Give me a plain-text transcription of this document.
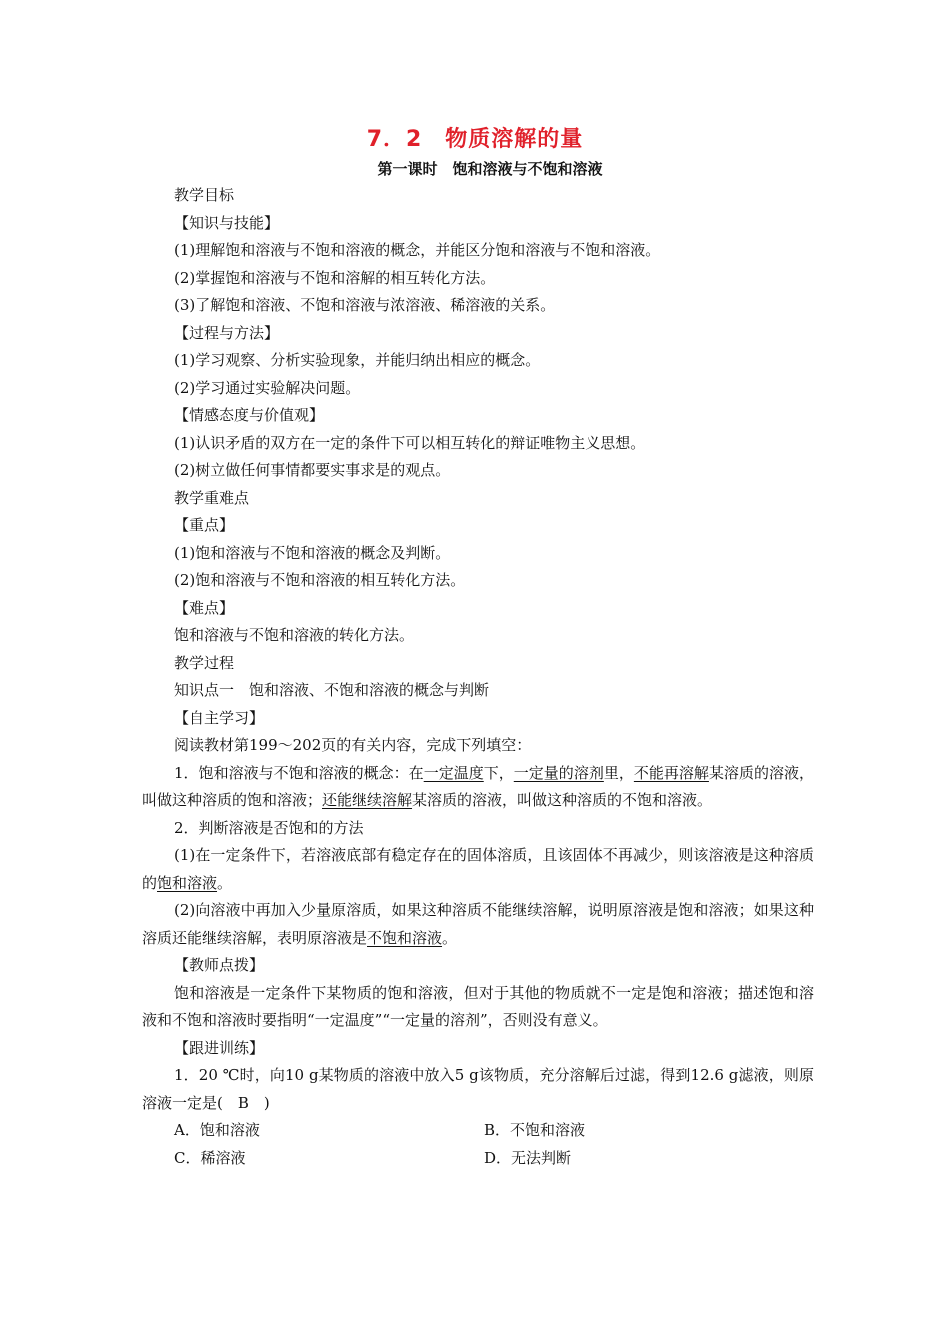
7．2　物质溶解的量
第一课时　饱和溶液与不饱和溶液
教学目标
【知识与技能】
(1)理解饱和溶液与不饱和溶液的概念，并能区分饱和溶液与不饱和溶液。
(2)掌握饱和溶液与不饱和溶解的相互转化方法。
(3)了解饱和溶液、不饱和溶液与浓溶液、稀溶液的关系。
【过程与方法】
(1)学习观察、分析实验现象，并能归纳出相应的概念。
(2)学习通过实验解决问题。
【情感态度与价值观】
(1)认识矛盾的双方在一定的条件下可以相互转化的辩证唯物主义思想。
(2)树立做任何事情都要实事求是的观点。
教学重难点
【重点】
(1)饱和溶液与不饱和溶液的概念及判断。
(2)饱和溶液与不饱和溶液的相互转化方法。
【难点】
饱和溶液与不饱和溶液的转化方法。
教学过程
知识点一　饱和溶液、不饱和溶液的概念与判断
【自主学习】
阅读教材第199～202页的有关内容，完成下列填空：
1．饱和溶液与不饱和溶液的概念：在一定温度下，一定量的溶剂里，不能再溶解某溶质的溶液，叫做这种溶质的饱和溶液；还能继续溶解某溶质的溶液，叫做这种溶质的不饱和溶液。
2．判断溶液是否饱和的方法
(1)在一定条件下，若溶液底部有稳定存在的固体溶质，且该固体不再减少，则该溶液是这种溶质的饱和溶液。
(2)向溶液中再加入少量原溶质，如果这种溶质不能继续溶解，说明原溶液是饱和溶液；如果这种溶质还能继续溶解，表明原溶液是不饱和溶液。
【教师点拨】
饱和溶液是一定条件下某物质的饱和溶液，但对于其他的物质就不一定是饱和溶液；描述饱和溶液和不饱和溶液时要指明“一定温度”“一定量的溶剂”，否则没有意义。
【跟进训练】
1．20 ℃时，向10 g某物质的溶液中放入5 g该物质，充分溶解后过滤，得到12.6 g滤液，则原溶液一定是(　B　)
A．饱和溶液	B．不饱和溶液
C．稀溶液	D．无法判断
